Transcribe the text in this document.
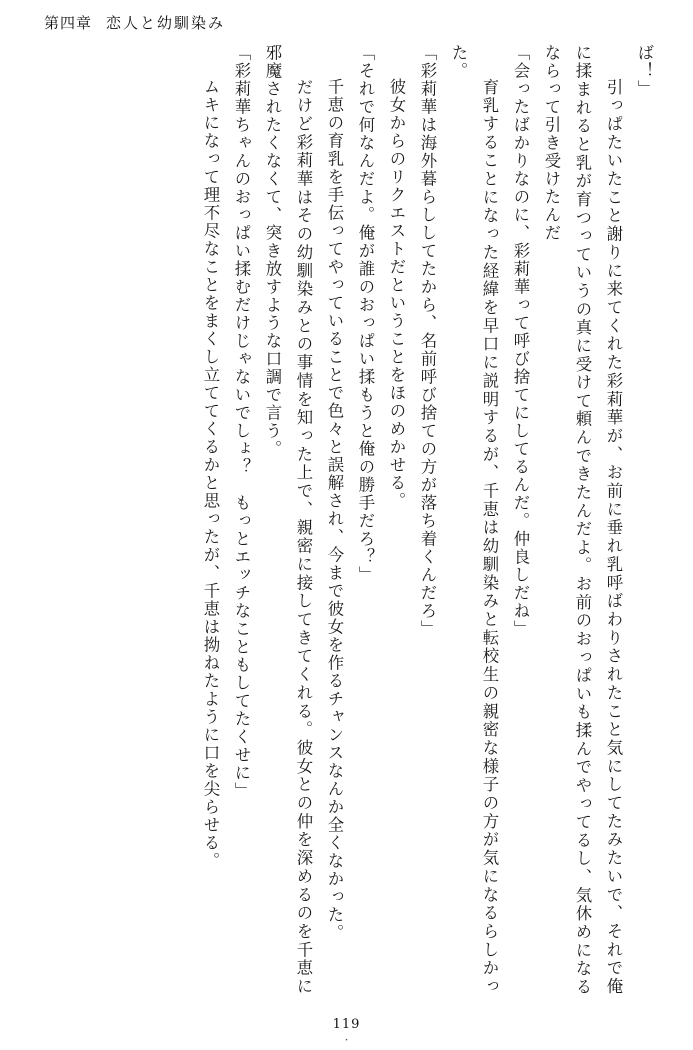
第四章 恋人と幼馴染み

ば！」

　引っぱたいたこと謝りに来てくれた彩莉華が、お前に垂れ乳呼ばわりされたこと気にしてたみたいで、それで俺に揉まれると乳が育つっていうの真に受けて頼んできたんだよ。お前のおっぱいも揉んでやってるし、気休めになるならって引き受けたんだ

「会ったばかりなのに、彩莉華って呼び捨てにしてるんだ。仲良しだね」

　育乳することになった経緯を早口に説明するが、千恵は幼馴染みと転校生の親密な様子の方が気になるらしかった。

「彩莉華は海外暮らししてたから、名前呼び捨ての方が落ち着くんだろ」

　彼女からのリクエストだということをほのめかせる。

「それで何なんだよ。俺が誰のおっぱい揉もうと俺の勝手だろ？」

　千恵の育乳を手伝ってやっていることで色々と誤解され、今まで彼女を作るチャンスなんか全くなかった。

　だけど彩莉華はその幼馴染みとの事情を知った上で、親密に接してきてくれる。彼女との仲を深めるのを千恵に邪魔されたくなくて、突き放すような口調で言う。

「彩莉華ちゃんのおっぱい揉むだけじゃないでしょ？　もっとエッチなこともしてたくせに」

　ムキになって理不尽なことをまくし立ててくるかと思ったが、千恵は拗ねたように口を尖らせる。

119
・
